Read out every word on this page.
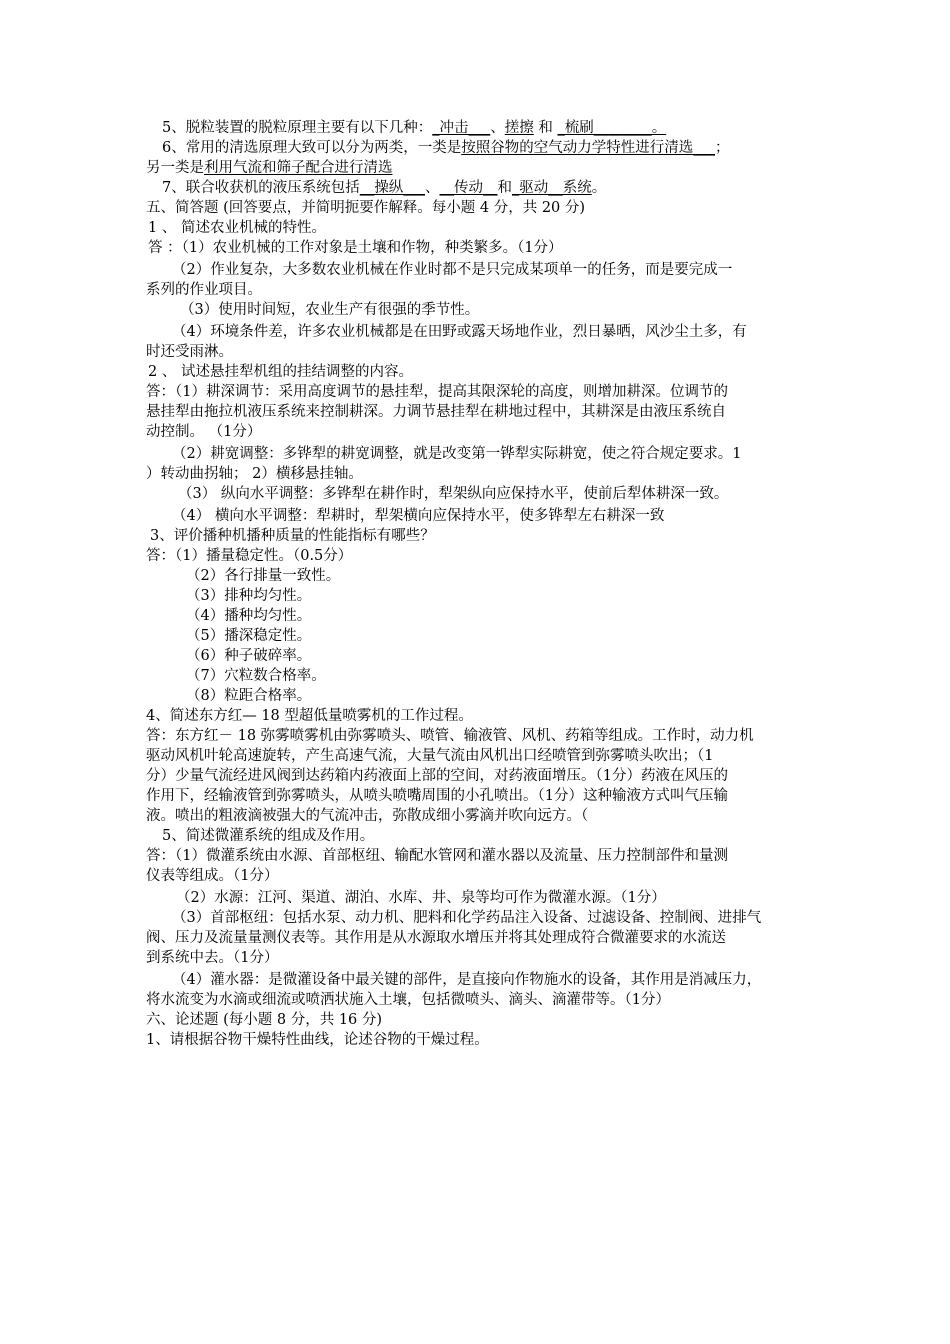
5、脱粒装置的脱粒原理主要有以下几种：_冲击___、搓擦 和 _梳刷________。
6、常用的清选原理大致可以分为两类，一类是按照谷物的空气动力学特性进行清选___；
另一类是利用气流和筛子配合进行清选
7、联合收获机的液压系统包括__操纵___、__传动__和_驱动__系统。
五、简答题 (回答要点，并简明扼要作解释。每小题 4 分，共 20 分)
1 、 简述农业机械的特性。
答 ：（1）农业机械的工作对象是土壤和作物，种类繁多。（1分）
（2）作业复杂，大多数农业机械在作业时都不是只完成某项单一的任务，而是要完成一
系列的作业项目。
（3）使用时间短，农业生产有很强的季节性。
（4）环境条件差，许多农业机械都是在田野或露天场地作业，烈日暴晒，风沙尘土多，有
时还受雨淋。
2 、 试述悬挂犁机组的挂结调整的内容。
答：（1）耕深调节：采用高度调节的悬挂犁，提高其限深轮的高度，则增加耕深。位调节的
悬挂犁由拖拉机液压系统来控制耕深。力调节悬挂犁在耕地过程中，其耕深是由液压系统自
动控制。 （1分）
（2）耕宽调整：多铧犁的耕宽调整，就是改变第一铧犁实际耕宽，使之符合规定要求。1
）转动曲拐轴； 2）横移悬挂轴。
（3） 纵向水平调整：多铧犁在耕作时，犁架纵向应保持水平，使前后犁体耕深一致。
（4） 横向水平调整：犁耕时，犁架横向应保持水平，使多铧犁左右耕深一致
3、评价播种机播种质量的性能指标有哪些？
答：（1）播量稳定性。（0.5分）
（2）各行排量一致性。
（3）排种均匀性。
（4）播种均匀性。
（5）播深稳定性。
（6）种子破碎率。
（7）穴粒数合格率。
（8）粒距合格率。
4、简述东方红— 18 型超低量喷雾机的工作过程。
答：东方红－ 18 弥雾喷雾机由弥雾喷头、喷管、输液管、风机、药箱等组成。工作时，动力机
驱动风机叶轮高速旋转，产生高速气流，大量气流由风机出口经喷管到弥雾喷头吹出；（1
分）少量气流经进风阀到达药箱内药液面上部的空间，对药液面增压。（1分）药液在风压的
作用下，经输液管到弥雾喷头，从喷头喷嘴周围的小孔喷出。（1分）这种输液方式叫气压输
液。喷出的粗液滴被强大的气流冲击，弥散成细小雾滴并吹向远方。（
5、简述微灌系统的组成及作用。
答：（1）微灌系统由水源、首部枢纽、输配水管网和灌水器以及流量、压力控制部件和量测
仪表等组成。（1分）
（2）水源：江河、渠道、湖泊、水库、井、泉等均可作为微灌水源。（1分）
（3）首部枢纽：包括水泵、动力机、肥料和化学药品注入设备、过滤设备、控制阀、进排气
阀、压力及流量量测仪表等。其作用是从水源取水增压并将其处理成符合微灌要求的水流送
到系统中去。（1分）
（4）灌水器：是微灌设备中最关键的部件，是直接向作物施水的设备，其作用是消减压力，
将水流变为水滴或细流或喷洒状施入土壤，包括微喷头、滴头、滴灌带等。（1分）
六、论述题 (每小题 8 分，共 16 分)
1、请根据谷物干燥特性曲线，论述谷物的干燥过程。
